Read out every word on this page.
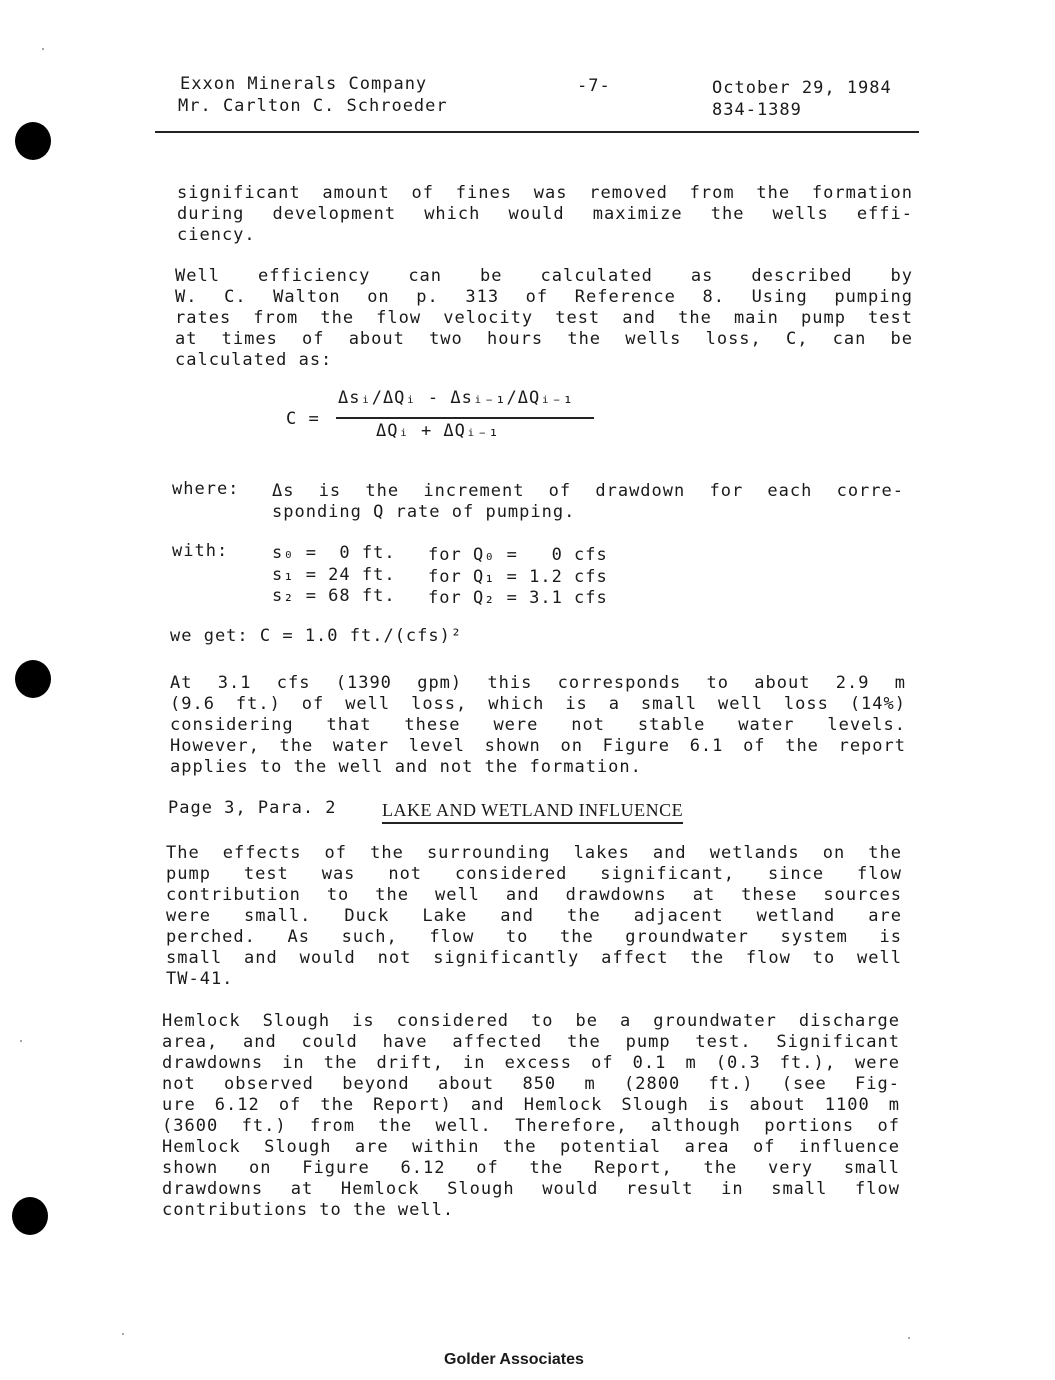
Exxon Minerals Company
Mr. Carlton C. Schroeder
-7-	October 29, 1984
834-1389
significant amount of fines was removed from the formation
during development which would maximize the wells effi-
ciency.
Well efficiency can be calculated as described by
W. C. Walton on p. 313 of Reference 8. Using pumping
rates from the flow velocity test and the main pump test
at times of about two hours the wells loss, C, can be
calculated as:
C =
Δsᵢ/ΔQᵢ - Δsᵢ₋₁/ΔQᵢ₋₁
ΔQᵢ + ΔQᵢ₋₁
where: Δs is the increment of drawdown for each corre-
sponding Q rate of pumping.
with:	s₀ =  0 ft. for Q₀ =   0 cfs
s₁ = 24 ft. for Q₁ = 1.2 cfs
s₂ = 68 ft. for Q₂ = 3.1 cfs
we get: C = 1.0 ft./(cfs)²
At 3.1 cfs (1390 gpm) this corresponds to about 2.9 m
(9.6 ft.) of well loss, which is a small well loss (14%)
considering that these were not stable water levels.
However, the water level shown on Figure 6.1 of the report
applies to the well and not the formation.
Page 3, Para. 2	LAKE AND WETLAND INFLUENCE
The effects of the surrounding lakes and wetlands on the
pump test was not considered significant, since flow
contribution to the well and drawdowns at these sources
were small. Duck Lake and the adjacent wetland are
perched. As such, flow to the groundwater system is
small and would not significantly affect the flow to well
TW-41.
Hemlock Slough is considered to be a groundwater discharge
area, and could have affected the pump test. Significant
drawdowns in the drift, in excess of 0.1 m (0.3 ft.), were
not observed beyond about 850 m (2800 ft.) (see Fig-
ure 6.12 of the Report) and Hemlock Slough is about 1100 m
(3600 ft.) from the well. Therefore, although portions of
Hemlock Slough are within the potential area of influence
shown on Figure 6.12 of the Report, the very small
drawdowns at Hemlock Slough would result in small flow
contributions to the well.
Golder Associates
